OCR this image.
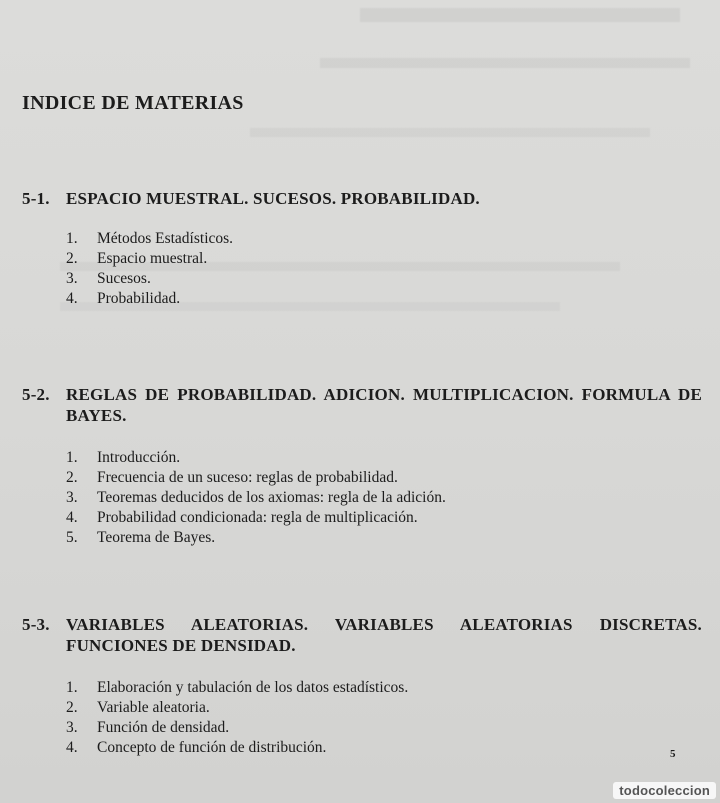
INDICE DE MATERIAS
5-1. ESPACIO MUESTRAL. SUCESOS. PROBABILIDAD.
1.	Métodos Estadísticos.
2.	Espacio muestral.
3.	Sucesos.
4.	Probabilidad.
5-2. REGLAS DE PROBABILIDAD. ADICION. MULTIPLICACION. FORMULA DE BAYES.
1.	Introducción.
2.	Frecuencia de un suceso: reglas de probabilidad.
3.	Teoremas deducidos de los axiomas: regla de la adición.
4.	Probabilidad condicionada: regla de multiplicación.
5.	Teorema de Bayes.
5-3. VARIABLES ALEATORIAS. VARIABLES ALEATORIAS DISCRETAS. FUNCIONES DE DENSIDAD.
1.	Elaboración y tabulación de los datos estadísticos.
2.	Variable aleatoria.
3.	Función de densidad.
4.	Concepto de función de distribución.	5
todocoleccion
